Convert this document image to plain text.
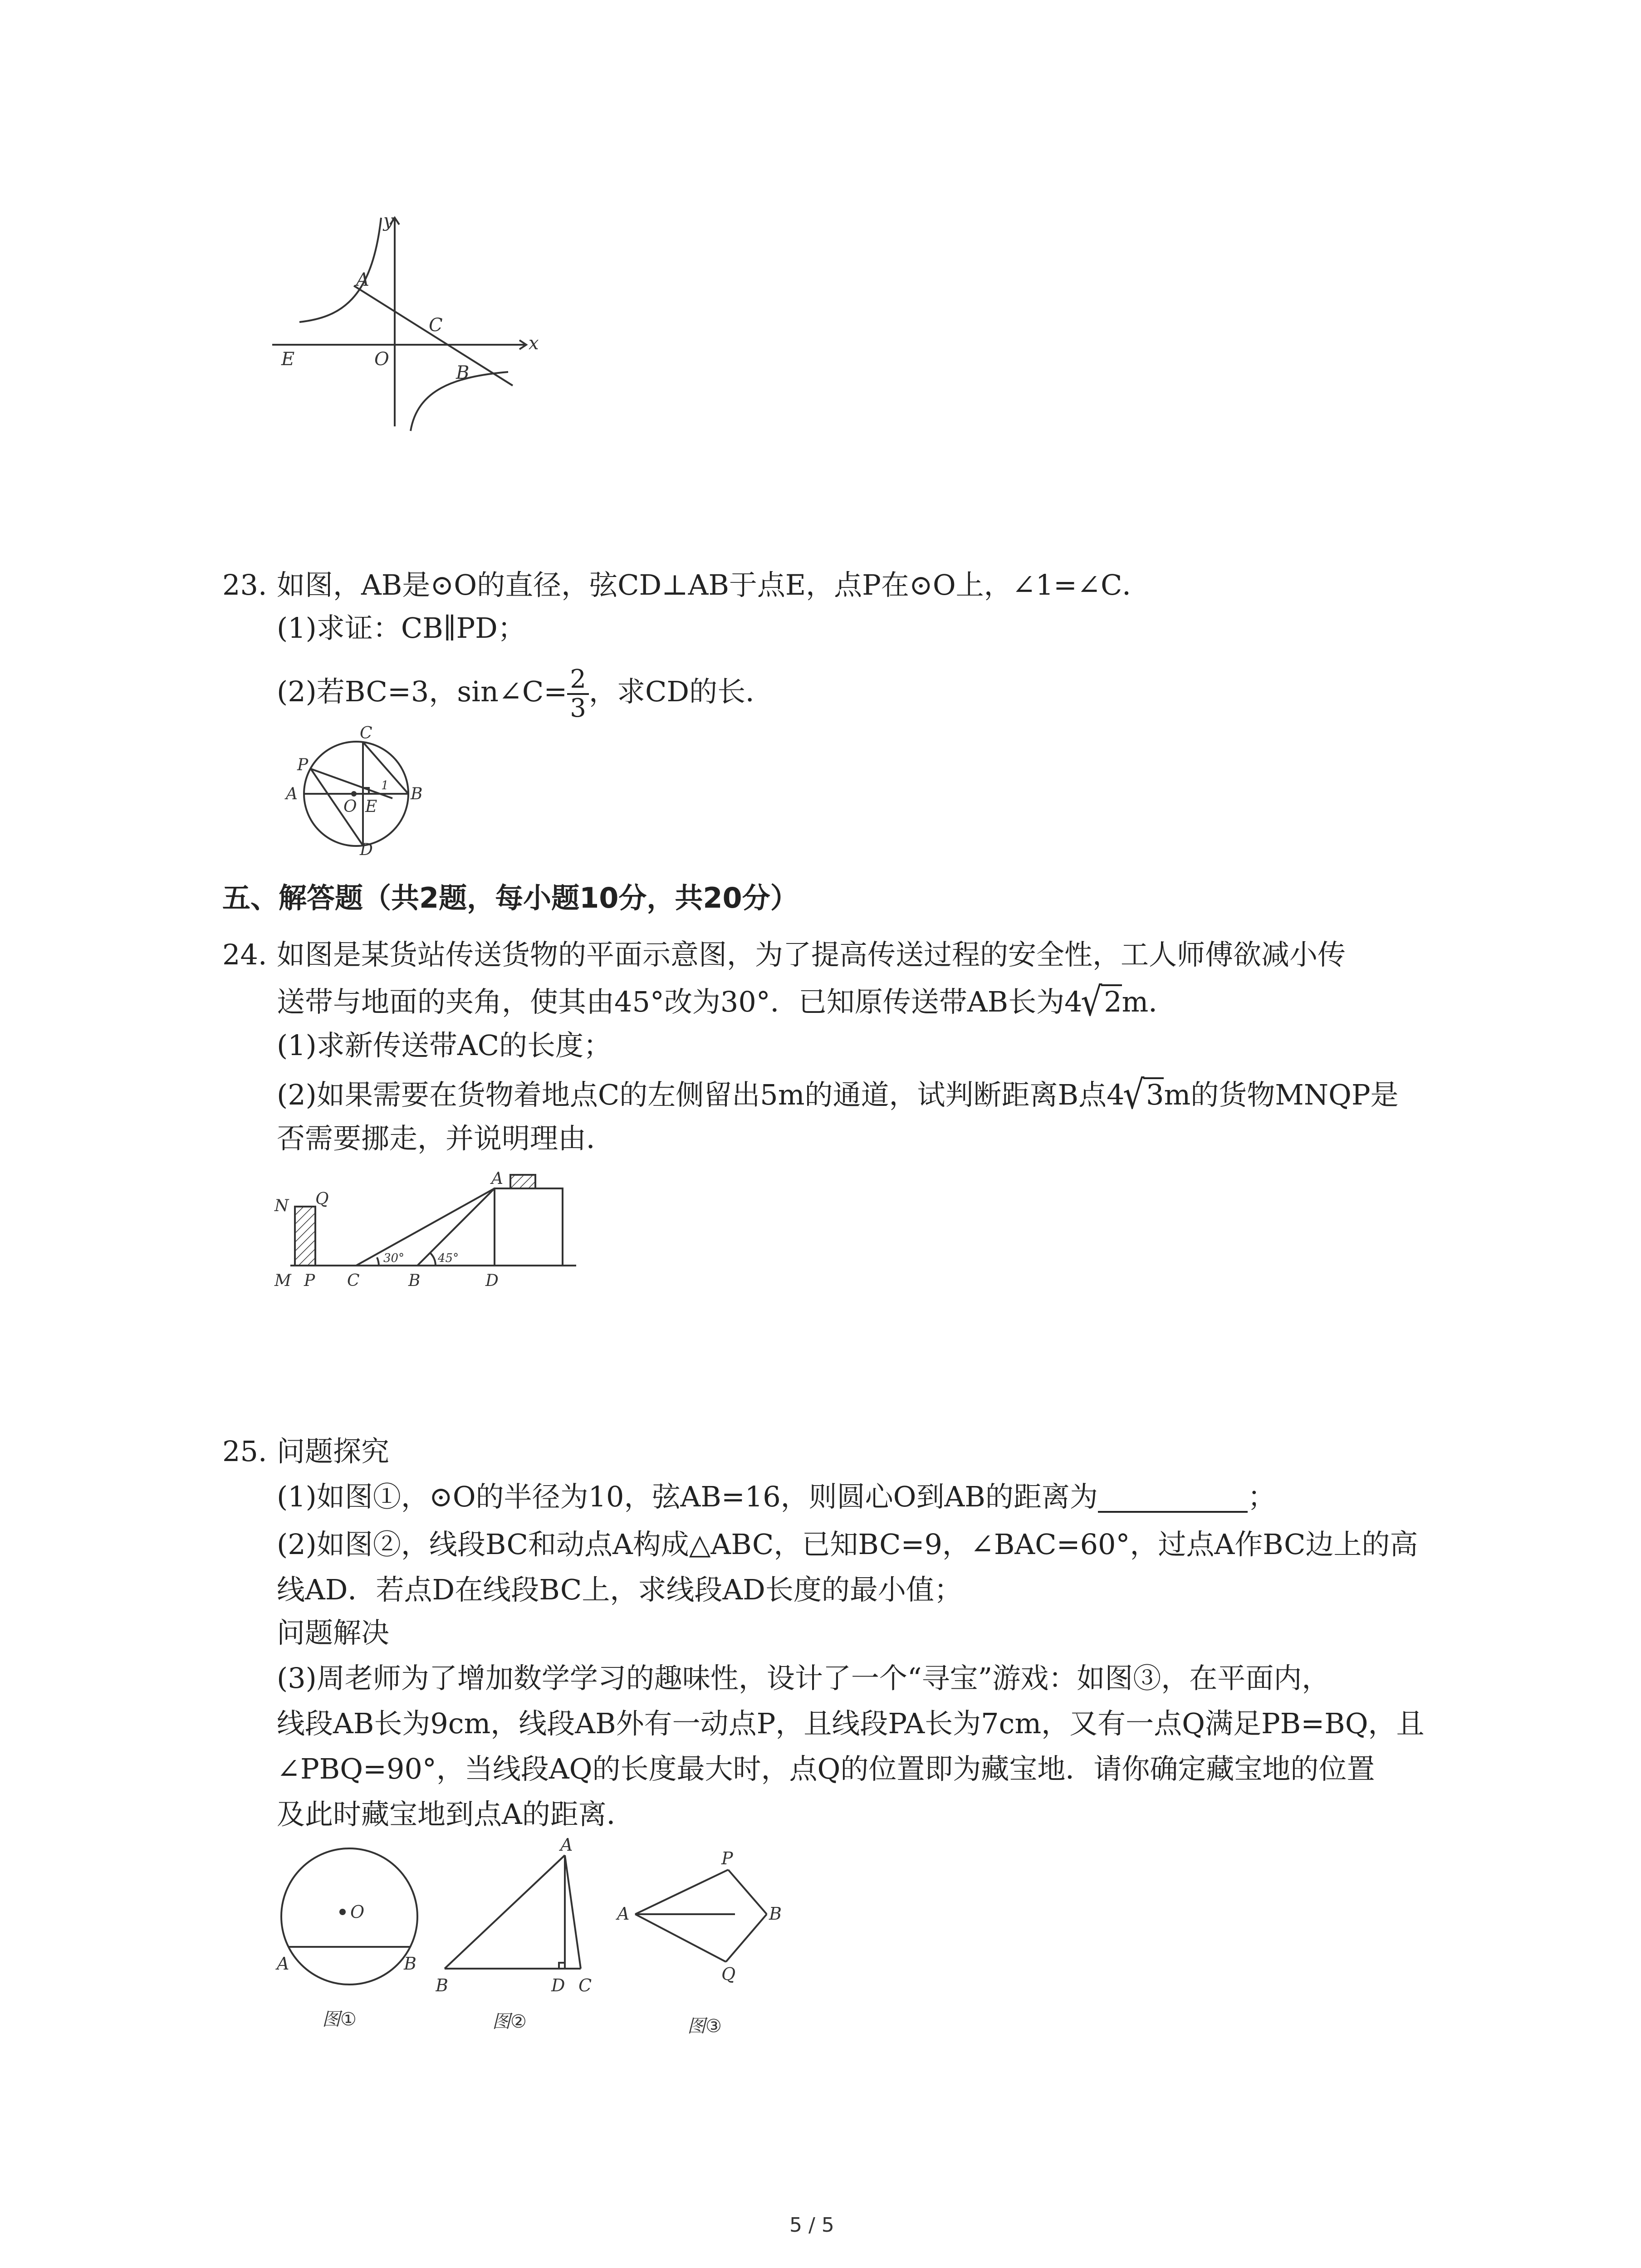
y
x
A
C
E	O
B
23. 如图，AB是⊙O的直径，弦CD⊥AB于点E，点P在⊙O上，∠1=∠C．
(1)求证：CB∥PD；
(2)若BC=3，sin∠C= $\frac{2}{3}$ ，求CD的长．
C
P
A
O E
B
D
1
五、解答题（共2题，每小题10分，共20分）
24. 如图是某货站传送货物的平面示意图，为了提高传送过程的安全性，工人师傅欲减小传
送带与地面的夹角，使其由45°改为30°．已知原传送带AB长为4√2m．
(1)求新传送带AC的长度；
(2)如果需要在货物着地点C的左侧留出5m的通道，试判断距离B点4√3m的货物MNQP是
否需要挪走，并说明理由．
N Q
M P C	B	D
A
30°	45°
25. 问题探究
(1)如图①，⊙O的半径为10，弦AB=16，则圆心O到AB的距离为	；
(2)如图②，线段BC和动点A构成△ABC，已知BC=9，∠BAC=60°，过点A作BC边上的高
线AD．若点D在线段BC上，求线段AD长度的最小值；
问题解决
(3)周老师为了增加数学学习的趣味性，设计了一个“寻宝”游戏：如图③，在平面内，
线段AB长为9cm，线段AB外有一动点P，且线段PA长为7cm，又有一点Q满足PB=BQ，且
∠PBQ=90°，当线段AQ的长度最大时，点Q的位置即为藏宝地．请你确定藏宝地的位置
及此时藏宝地到点A的距离．
O
A	B
图①
A
B	D C
图②
P
A	B
Q
图③
5 / 5
